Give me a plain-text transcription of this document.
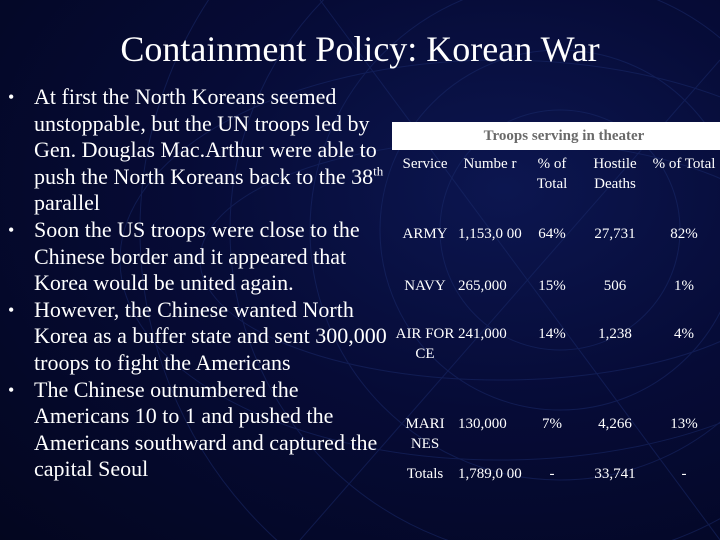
Containment Policy: Korean War
• At first the North Koreans seemed unstoppable, but the UN troops led by Gen. Douglas Mac.Arthur were able to push the North Koreans back to the 38th parallel
• Soon the US troops were close to the Chinese border and it appeared that Korea would be united again.
• However, the Chinese wanted North Korea as a buffer state and sent 300,000 troops to fight the Americans
• The Chinese outnumbered the Americans 10 to 1 and pushed the Americans southward and captured the capital Seoul
Troops serving in theater
Service	Numbe r	% of Total	Hostile Deaths	% of Total
ARMY	1,153,0 00	64%	27,731	82%
NAVY	265,000	15%	506	1%
AIR FOR CE	241,000	14%	1,238	4%
MARI NES	130,000	7%	4,266	13%
Totals	1,789,0 00	-	33,741	-
